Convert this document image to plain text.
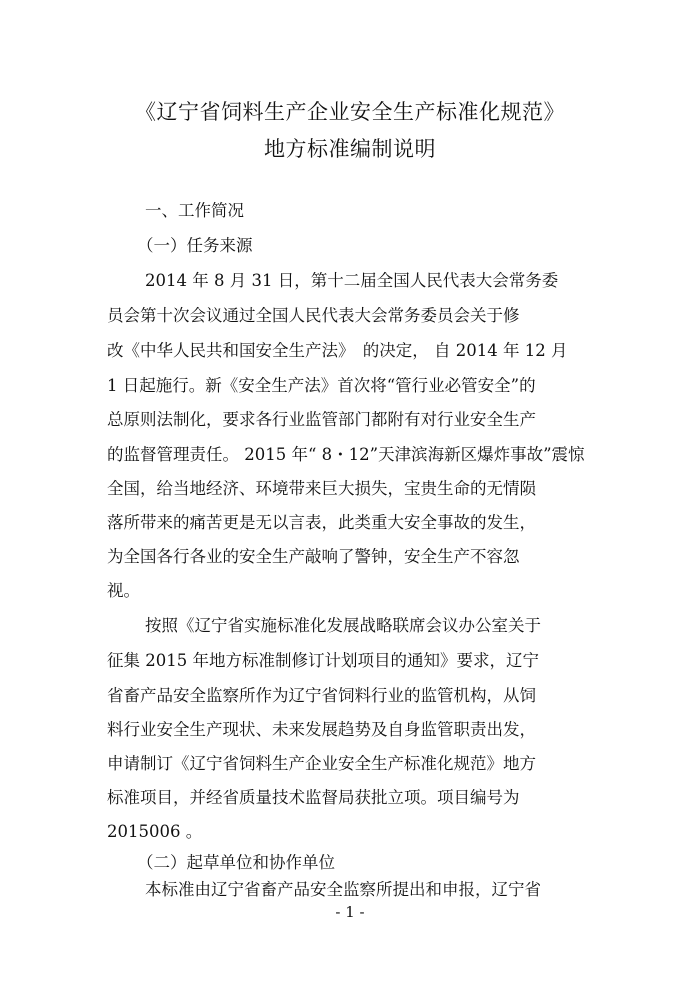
《辽宁省饲料生产企业安全生产标准化规范》
地方标准编制说明
一、工作简况
（一）任务来源
2014 年 8 月 31 日，第十二届全国人民代表大会常务委
员会第十次会议通过全国人民代表大会常务委员会关于修
改《中华人民共和国安全生产法》　的决定， 自 2014 年 12 月
1 日起施行。新《安全生产法》首次将“管行业必管安全”的
总原则法制化，要求各行业监管部门都附有对行业安全生产
的监督管理责任。 2015 年“ 8・12”天津滨海新区爆炸事故”震惊
全国，给当地经济、环境带来巨大损失，宝贵生命的无情陨
落所带来的痛苦更是无以言表，此类重大安全事故的发生，
为全国各行各业的安全生产敲响了警钟，安全生产不容忽
视。
按照《辽宁省实施标准化发展战略联席会议办公室关于
征集 2015 年地方标准制修订计划项目的通知》要求，辽宁
省畜产品安全监察所作为辽宁省饲料行业的监管机构，从饲
料行业安全生产现状、未来发展趋势及自身监管职责出发，
申请制订《辽宁省饲料生产企业安全生产标准化规范》地方
标准项目，并经省质量技术监督局获批立项。项目编号为
2015006 。
（二）起草单位和协作单位
本标准由辽宁省畜产品安全监察所提出和申报，辽宁省
- 1 -
